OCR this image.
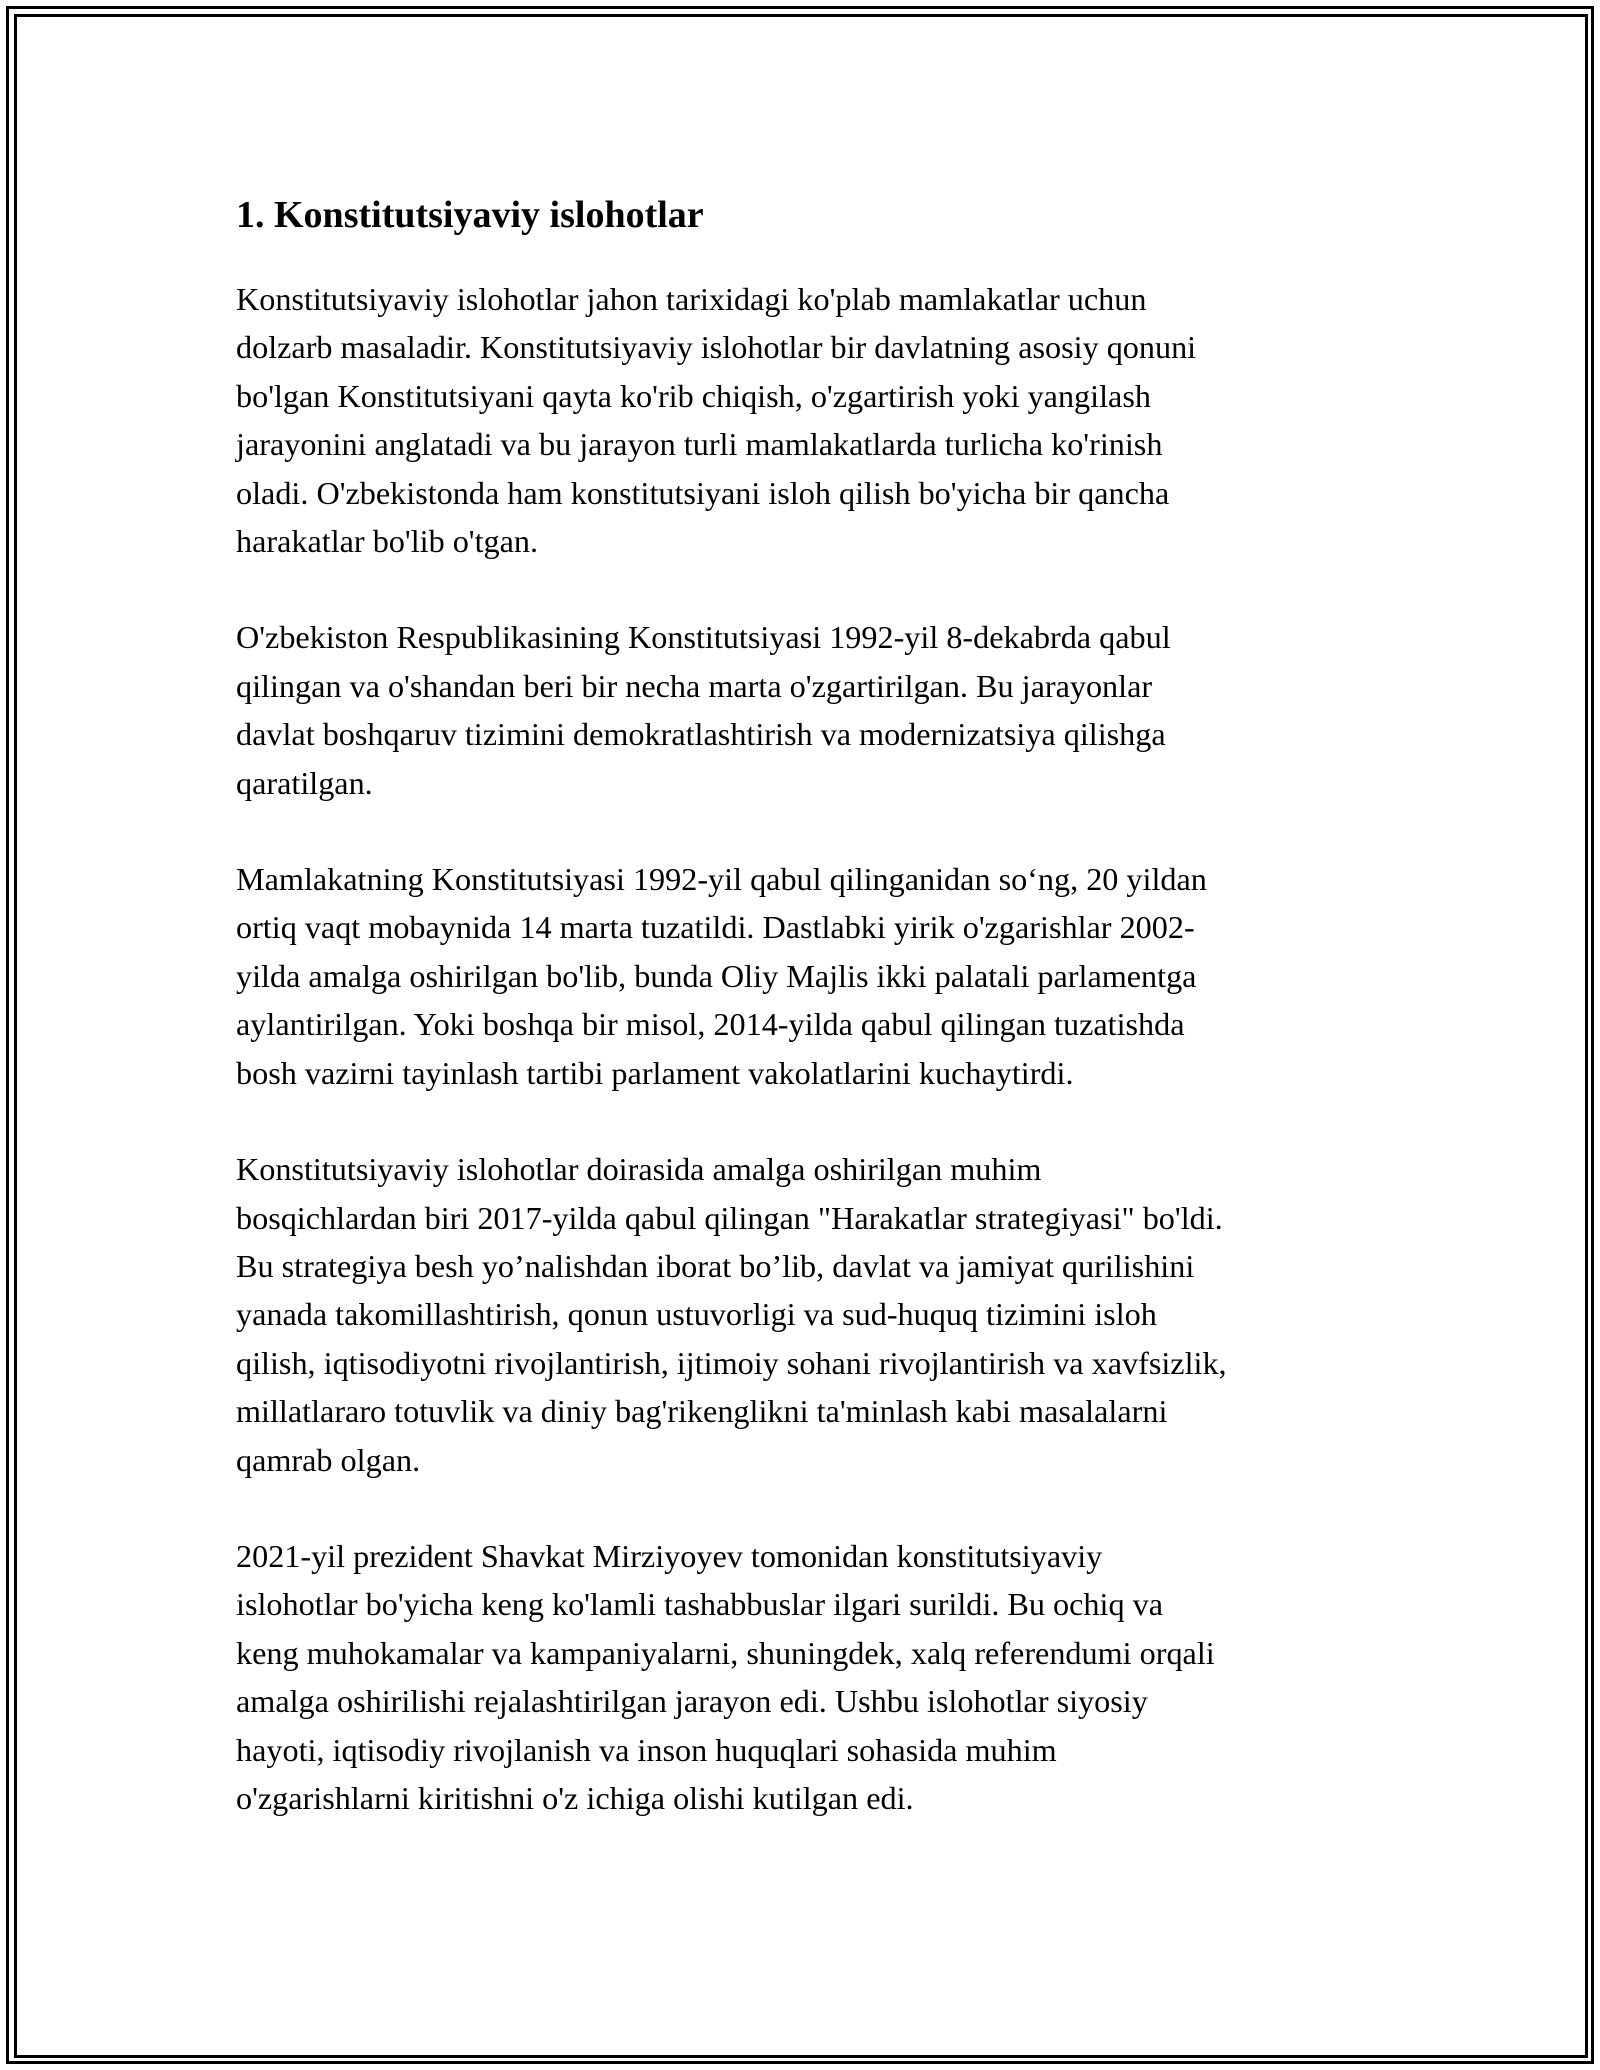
1. Konstitutsiyaviy islohotlar

Konstitutsiyaviy islohotlar jahon tarixidagi ko'plab mamlakatlar uchun
dolzarb masaladir. Konstitutsiyaviy islohotlar bir davlatning asosiy qonuni
bo'lgan Konstitutsiyani qayta ko'rib chiqish, o'zgartirish yoki yangilash
jarayonini anglatadi va bu jarayon turli mamlakatlarda turlicha ko'rinish
oladi. O'zbekistonda ham konstitutsiyani isloh qilish bo'yicha bir qancha
harakatlar bo'lib o'tgan.

O'zbekiston Respublikasining Konstitutsiyasi 1992-yil 8-dekabrda qabul
qilingan va o'shandan beri bir necha marta o'zgartirilgan. Bu jarayonlar
davlat boshqaruv tizimini demokratlashtirish va modernizatsiya qilishga
qaratilgan.

Mamlakatning Konstitutsiyasi 1992-yil qabul qilinganidan so‘ng, 20 yildan
ortiq vaqt mobaynida 14 marta tuzatildi. Dastlabki yirik o'zgarishlar 2002-
yilda amalga oshirilgan bo'lib, bunda Oliy Majlis ikki palatali parlamentga
aylantirilgan. Yoki boshqa bir misol, 2014-yilda qabul qilingan tuzatishda
bosh vazirni tayinlash tartibi parlament vakolatlarini kuchaytirdi.

Konstitutsiyaviy islohotlar doirasida amalga oshirilgan muhim
bosqichlardan biri 2017-yilda qabul qilingan "Harakatlar strategiyasi" bo'ldi.
Bu strategiya besh yo’nalishdan iborat bo’lib, davlat va jamiyat qurilishini
yanada takomillashtirish, qonun ustuvorligi va sud-huquq tizimini isloh
qilish, iqtisodiyotni rivojlantirish, ijtimoiy sohani rivojlantirish va xavfsizlik,
millatlararo totuvlik va diniy bag'rikenglikni ta'minlash kabi masalalarni
qamrab olgan.

2021-yil prezident Shavkat Mirziyoyev tomonidan konstitutsiyaviy
islohotlar bo'yicha keng ko'lamli tashabbuslar ilgari surildi. Bu ochiq va
keng muhokamalar va kampaniyalarni, shuningdek, xalq referendumi orqali
amalga oshirilishi rejalashtirilgan jarayon edi. Ushbu islohotlar siyosiy
hayoti, iqtisodiy rivojlanish va inson huquqlari sohasida muhim
o'zgarishlarni kiritishni o'z ichiga olishi kutilgan edi.
